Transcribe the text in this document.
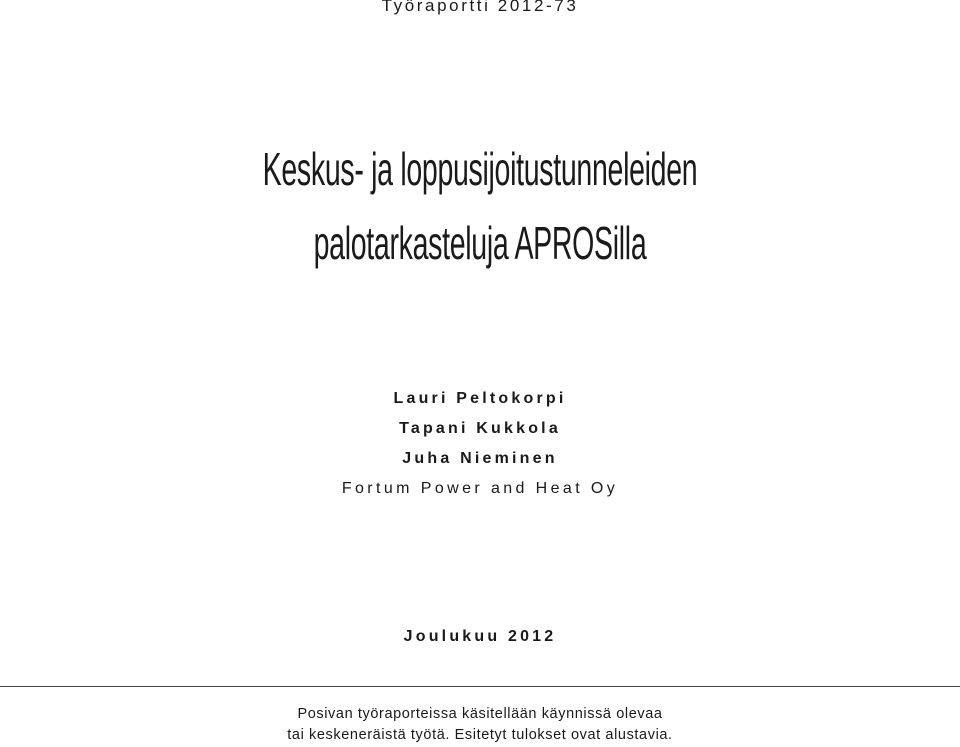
Työraportti 2012-73
Keskus- ja loppusijoitustunneleiden
palotarkasteluja APROSilla
Lauri Peltokorpi
Tapani Kukkola
Juha Nieminen
Fortum Power and Heat Oy
Joulukuu 2012
Posivan työraporteissa käsitellään käynnissä olevaa
tai keskeneräistä työtä. Esitetyt tulokset ovat alustavia.
